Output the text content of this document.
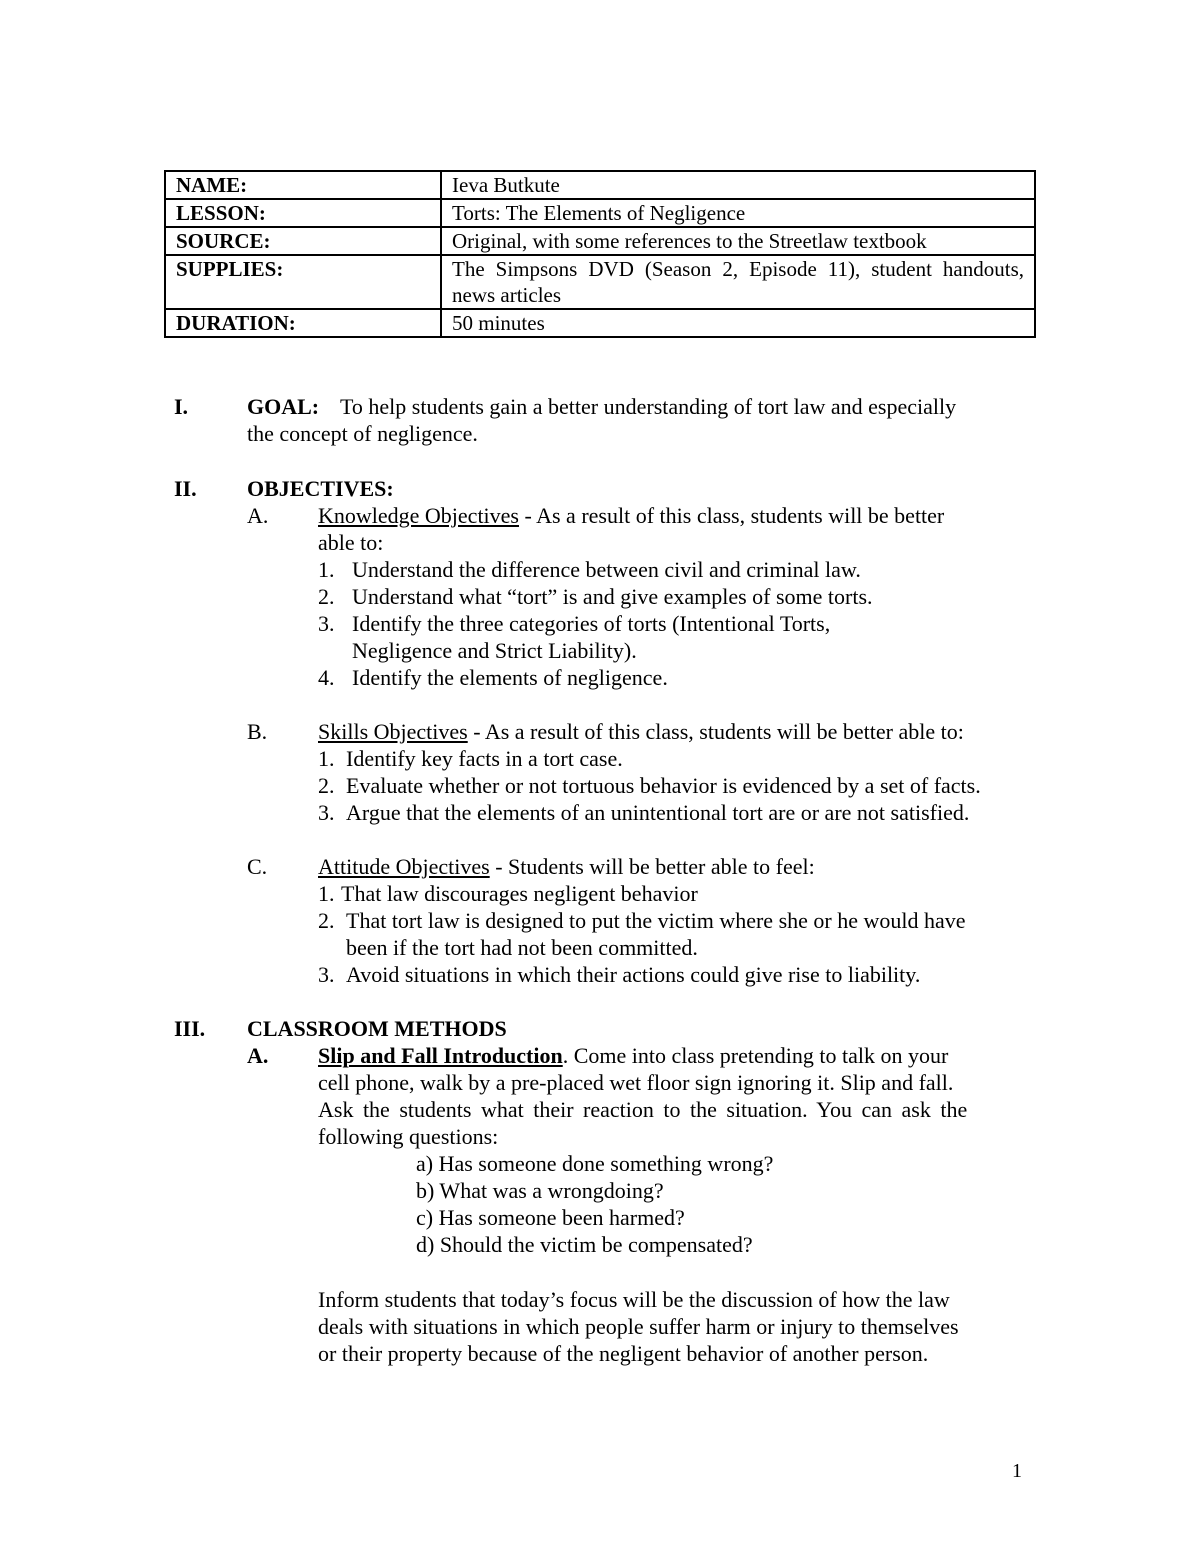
NAME:	Ieva Butkute
LESSON:	Torts: The Elements of Negligence
SOURCE:	Original, with some references to the Streetlaw textbook
SUPPLIES:	The Simpsons DVD (Season 2, Episode 11), student handouts, news articles
DURATION:	50 minutes
I.	GOAL: To help students gain a better understanding of tort law and especially
the concept of negligence.
II. OBJECTIVES:
A. Knowledge Objectives - As a result of this class, students will be better
able to:
1. Understand the difference between civil and criminal law.
2. Understand what “tort” is and give examples of some torts.
3. Identify the three categories of torts (Intentional Torts,
Negligence and Strict Liability).
4. Identify the elements of negligence.
B. Skills Objectives - As a result of this class, students will be better able to:
1. Identify key facts in a tort case.
2. Evaluate whether or not tortuous behavior is evidenced by a set of facts.
3. Argue that the elements of an unintentional tort are or are not satisfied.
C. Attitude Objectives - Students will be better able to feel:
1. That law discourages negligent behavior
2. That tort law is designed to put the victim where she or he would have
been if the tort had not been committed.
3. Avoid situations in which their actions could give rise to liability.
III. CLASSROOM METHODS
A. Slip and Fall Introduction. Come into class pretending to talk on your
cell phone, walk by a pre-placed wet floor sign ignoring it. Slip and fall.
Ask the students what their reaction to the situation. You can ask the
following questions:
a) Has someone done something wrong?
b) What was a wrongdoing?
c) Has someone been harmed?
d) Should the victim be compensated?
Inform students that today’s focus will be the discussion of how the law
deals with situations in which people suffer harm or injury to themselves
or their property because of the negligent behavior of another person.
1
